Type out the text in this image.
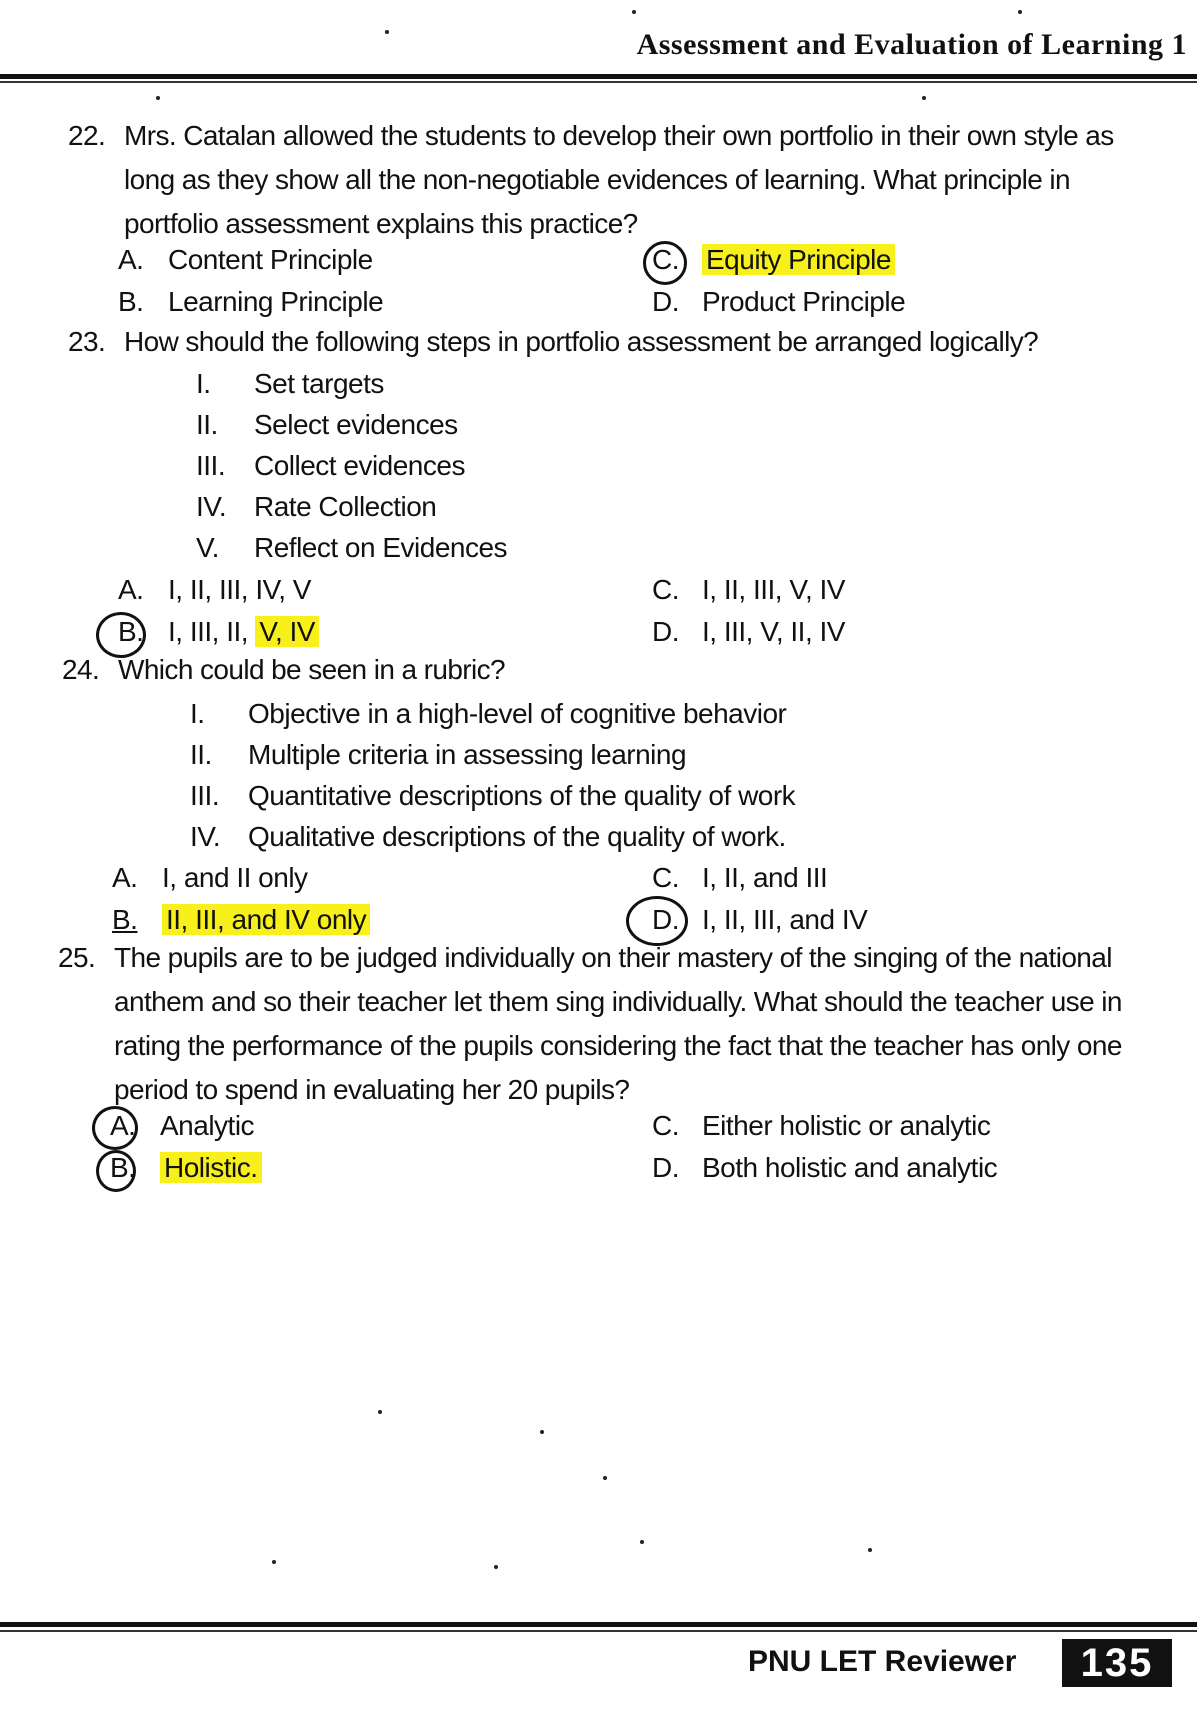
Assessment and Evaluation of Learning 1
22. Mrs. Catalan allowed the students to develop their own portfolio in their own style as long as they show all the non-negotiable evidences of learning. What principle in portfolio assessment explains this practice?
A. Content Principle	C. Equity Principle
B. Learning Principle	D. Product Principle
23. How should the following steps in portfolio assessment be arranged logically?
I. Set targets
II. Select evidences
III. Collect evidences
IV. Rate Collection
V. Reflect on Evidences
A. I, II, III, IV, V	C. I, II, III, V, IV
B. I, III, II, V, IV	D. I, III, V, II, IV
24. Which could be seen in a rubric?
I. Objective in a high-level of cognitive behavior
II. Multiple criteria in assessing learning
III. Quantitative descriptions of the quality of work
IV. Qualitative descriptions of the quality of work.
A. I, and II only	C. I, II, and III
B. II, III, and IV only	D. I, II, III, and IV
25. The pupils are to be judged individually on their mastery of the singing of the national anthem and so their teacher let them sing individually. What should the teacher use in rating the performance of the pupils considering the fact that the teacher has only one period to spend in evaluating her 20 pupils?
A. Analytic	C. Either holistic or analytic
B. Holistic.	D. Both holistic and analytic
PNU LET Reviewer	135
